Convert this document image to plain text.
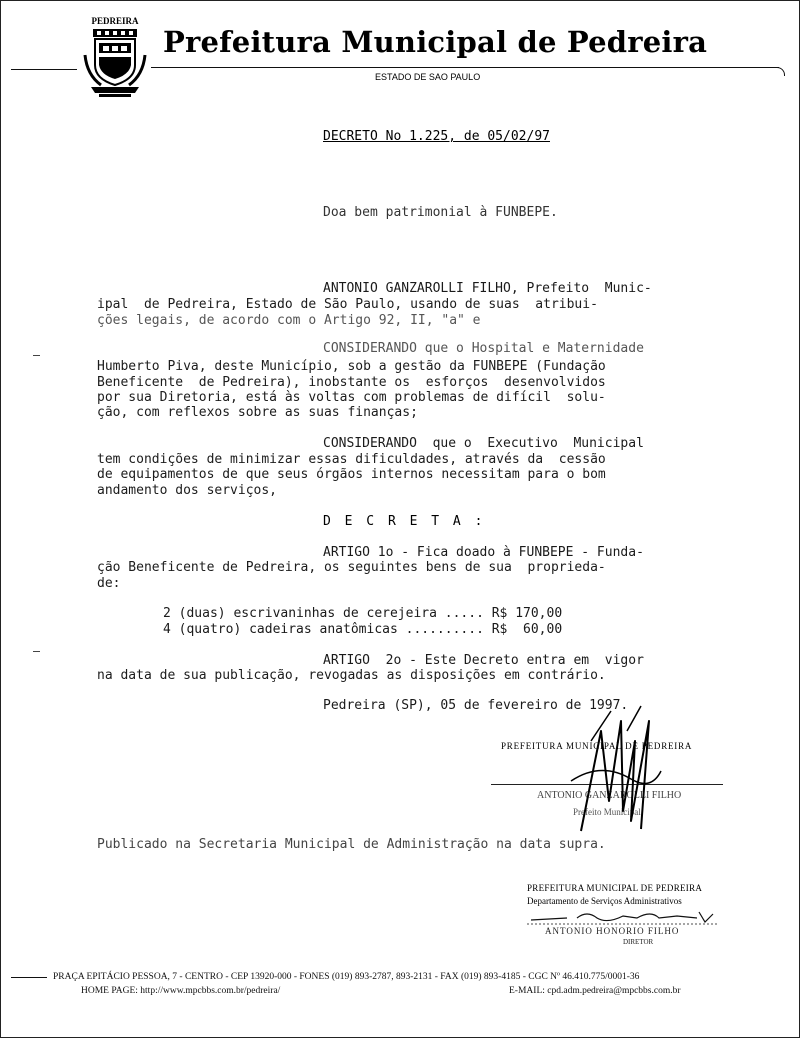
PEDREIRA
Prefeitura Municipal de Pedreira
ESTADO DE SAO PAULO
DECRETO No 1.225, de 05/02/97
Doa bem patrimonial à FUNBEPE.
ANTONIO GANZAROLLI FILHO, Prefeito  Munic-
ipal  de Pedreira, Estado de São Paulo, usando de suas  atribui-
ções legais, de acordo com o Artigo 92, II, "a" e
CONSIDERANDO que o Hospital e Maternidade
Humberto Piva, deste Município, sob a gestão da FUNBEPE (Fundação
Beneficente  de Pedreira), inobstante os  esforços  desenvolvidos
por sua Diretoria, está às voltas com problemas de difícil  solu-
ção, com reflexos sobre as suas finanças;
CONSIDERANDO  que o  Executivo  Municipal
tem condições de minimizar essas dificuldades, através da  cessão
de equipamentos de que seus órgãos internos necessitam para o bom
andamento dos serviços,
D E C R E T A :
ARTIGO 1o - Fica doado à FUNBEPE - Funda-
ção Beneficente de Pedreira, os seguintes bens de sua  proprieda-
de:
2 (duas) escrivaninhas de cerejeira ..... R$ 170,00
4 (quatro) cadeiras anatômicas .......... R$  60,00
ARTIGO  2o - Este Decreto entra em  vigor
na data de sua publicação, revogadas as disposições em contrário.
Pedreira (SP), 05 de fevereiro de 1997.
PREFEITURA MUNICIPAL DE PEDREIRA
ANTONIO GANZAROLLI FILHO
Prefeito Municipal
Publicado na Secretaria Municipal de Administração na data supra.
PREFEITURA MUNICIPAL DE PEDREIRA
Departamento de Serviços Administrativos
ANTONIO HONORIO FILHO
DIRETOR
PRAÇA EPITÁCIO PESSOA, 7 - CENTRO - CEP 13920-000 - FONES (019) 893-2787, 893-2131 - FAX (019) 893-4185 - CGC Nº 46.410.775/0001-36
HOME PAGE: http://www.mpcbbs.com.br/pedreira/	E-MAIL: cpd.adm.pedreira@mpcbbs.com.br
